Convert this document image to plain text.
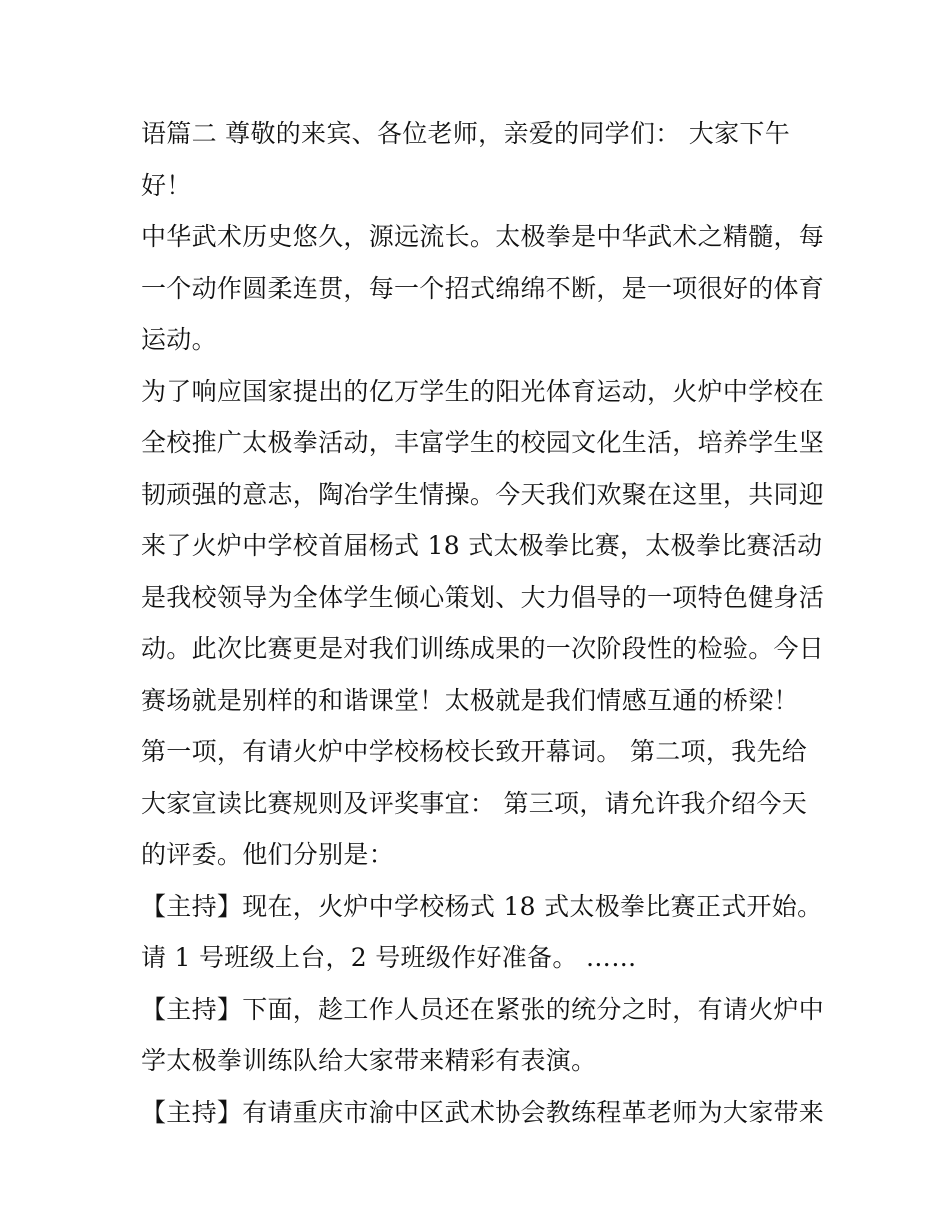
语篇二 尊敬的来宾、各位老师，亲爱的同学们： 大家下午
好！
中华武术历史悠久，源远流长。太极拳是中华武术之精髓，每
一个动作圆柔连贯，每一个招式绵绵不断，是一项很好的体育
运动。
为了响应国家提出的亿万学生的阳光体育运动，火炉中学校在
全校推广太极拳活动，丰富学生的校园文化生活，培养学生坚
韧顽强的意志，陶冶学生情操。今天我们欢聚在这里，共同迎
来了火炉中学校首届杨式 18 式太极拳比赛，太极拳比赛活动
是我校领导为全体学生倾心策划、大力倡导的一项特色健身活
动。此次比赛更是对我们训练成果的一次阶段性的检验。今日
赛场就是别样的和谐课堂！太极就是我们情感互通的桥梁！
第一项，有请火炉中学校杨校长致开幕词。 第二项，我先给
大家宣读比赛规则及评奖事宜： 第三项，请允许我介绍今天
的评委。他们分别是：
【主持】现在，火炉中学校杨式 18 式太极拳比赛正式开始。
请 1 号班级上台，2 号班级作好准备。 ……
【主持】下面，趁工作人员还在紧张的统分之时，有请火炉中
学太极拳训练队给大家带来精彩有表演。
【主持】有请重庆市渝中区武术协会教练程革老师为大家带来
